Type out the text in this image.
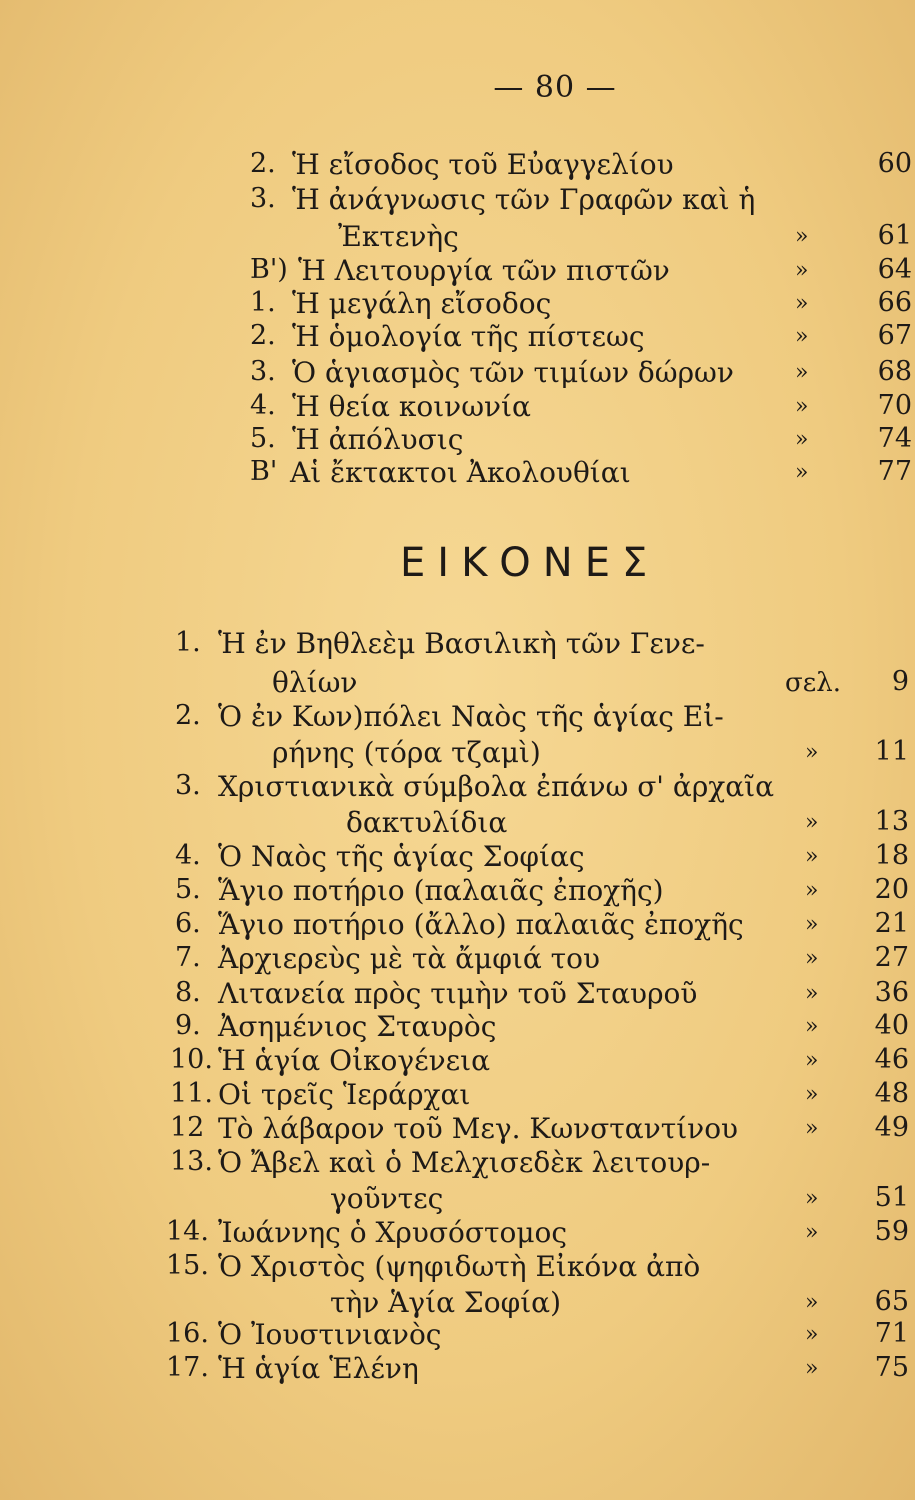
— 80 —
2. Ἡ εἴσοδος τοῦ Εὐαγγελίου	60
3. Ἡ ἀνάγνωσις τῶν Γραφῶν καὶ ἡ
Ἐκτενὴς	»	61
Β') Ἡ Λειτουργία τῶν πιστῶν	»	64
1. Ἡ μεγάλη εἴσοδος	»	66
2. Ἡ ὁμολογία τῆς πίστεως	»	67
3. Ὁ ἁγιασμὸς τῶν τιμίων δώρων	»	68
4. Ἡ θεία κοινωνία	»	70
5. Ἡ ἀπόλυσις	»	74
Β' Αἱ ἔκτακτοι Ἀκολουθίαι	»	77
ΕΙΚΟΝΕΣ
1. Ἡ ἐν Βηθλεὲμ Βασιλικὴ τῶν Γενε-
θλίων	σελ.	9
2. Ὁ ἐν Κων)πόλει Ναὸς τῆς ἁγίας Εἰ-
ρήνης (τόρα τζαμὶ)	»	11
3. Χριστιανικὰ σύμβολα ἐπάνω σ' ἀρχαῖα
δακτυλίδια	»	13
4. Ὁ Ναὸς τῆς ἁγίας Σοφίας	»	18
5. Ἅγιο ποτήριο (παλαιᾶς ἐποχῆς)	»	20
6. Ἅγιο ποτήριο (ἄλλο) παλαιᾶς ἐποχῆς	»	21
7. Ἀρχιερεὺς μὲ τὰ ἄμφιά του	»	27
8. Λιτανεία πρὸς τιμὴν τοῦ Σταυροῦ	»	36
9. Ἀσημένιος Σταυρὸς	»	40
10. Ἡ ἁγία Οἰκογένεια	»	46
11. Οἱ τρεῖς Ἱεράρχαι	»	48
12 Τὸ λάβαρον τοῦ Μεγ. Κωνσταντίνου	»	49
13. Ὁ Ἄβελ καὶ ὁ Μελχισεδὲκ λειτουρ-
γοῦντες	»	51
14. Ἰωάννης ὁ Χρυσόστομος	»	59
15. Ὁ Χριστὸς (ψηφιδωτὴ Εἰκόνα ἀπὸ
τὴν Ἁγία Σοφία)	»	65
16. Ὁ Ἰουστινιανὸς	»	71
17. Ἡ ἁγία Ἑλένη	»	75
